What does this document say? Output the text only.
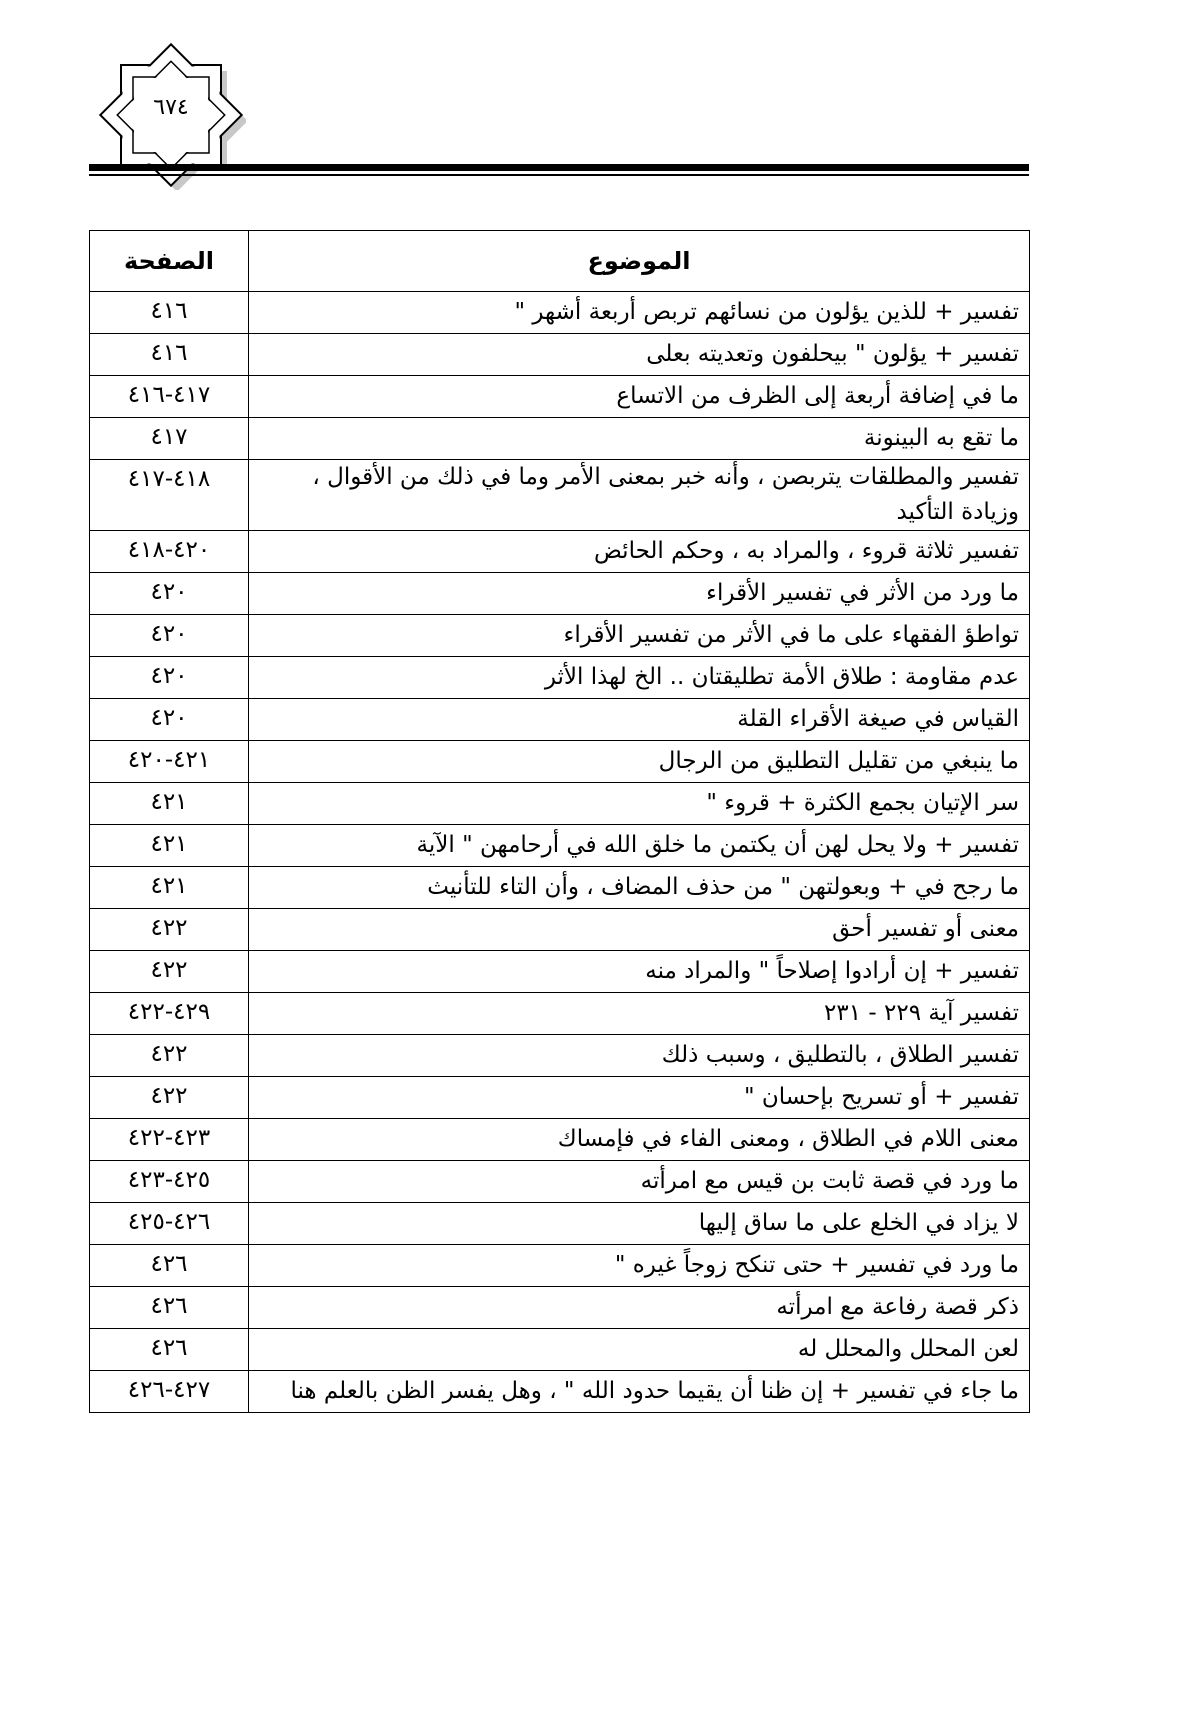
٦٧٤
الموضوع	الصفحة
تفسير + للذين يؤلون من نسائهم تربص أربعة أشهر "	٤١٦
تفسير + يؤلون " بيحلفون وتعديته بعلى	٤١٦
ما في إضافة أربعة إلى الظرف من الاتساع	٤١٧-٤١٦
ما تقع به البينونة	٤١٧
تفسير والمطلقات يتربصن ، وأنه خبر بمعنى الأمر وما في ذلك من الأقوال ، وزيادة التأكيد	٤١٨-٤١٧
تفسير ثلاثة قروء ، والمراد به ، وحكم الحائض	٤٢٠-٤١٨
ما ورد من الأثر في تفسير الأقراء	٤٢٠
تواطؤ الفقهاء على ما في الأثر من تفسير الأقراء	٤٢٠
عدم مقاومة : طلاق الأمة تطليقتان .. الخ لهذا الأثر	٤٢٠
القياس في صيغة الأقراء القلة	٤٢٠
ما ينبغي من تقليل التطليق من الرجال	٤٢١-٤٢٠
سر الإتيان بجمع الكثرة + قروء "	٤٢١
تفسير + ولا يحل لهن أن يكتمن ما خلق الله في أرحامهن " الآية	٤٢١
ما رجح في + وبعولتهن " من حذف المضاف ، وأن التاء للتأنيث	٤٢١
معنى أو تفسير أحق	٤٢٢
تفسير + إن أرادوا إصلاحاً " والمراد منه	٤٢٢
تفسير آية ٢٢٩ - ٢٣١	٤٢٩-٤٢٢
تفسير الطلاق ، بالتطليق ، وسبب ذلك	٤٢٢
تفسير + أو تسريح بإحسان "	٤٢٢
معنى اللام في الطلاق ، ومعنى الفاء في فإمساك	٤٢٣-٤٢٢
ما ورد في قصة ثابت بن قيس مع امرأته	٤٢٥-٤٢٣
لا يزاد في الخلع على ما ساق إليها	٤٢٦-٤٢٥
ما ورد في تفسير + حتى تنكح زوجاً غيره "	٤٢٦
ذكر قصة رفاعة مع امرأته	٤٢٦
لعن المحلل والمحلل له	٤٢٦
ما جاء في تفسير + إن ظنا أن يقيما حدود الله " ، وهل يفسر الظن بالعلم هنا	٤٢٧-٤٢٦
